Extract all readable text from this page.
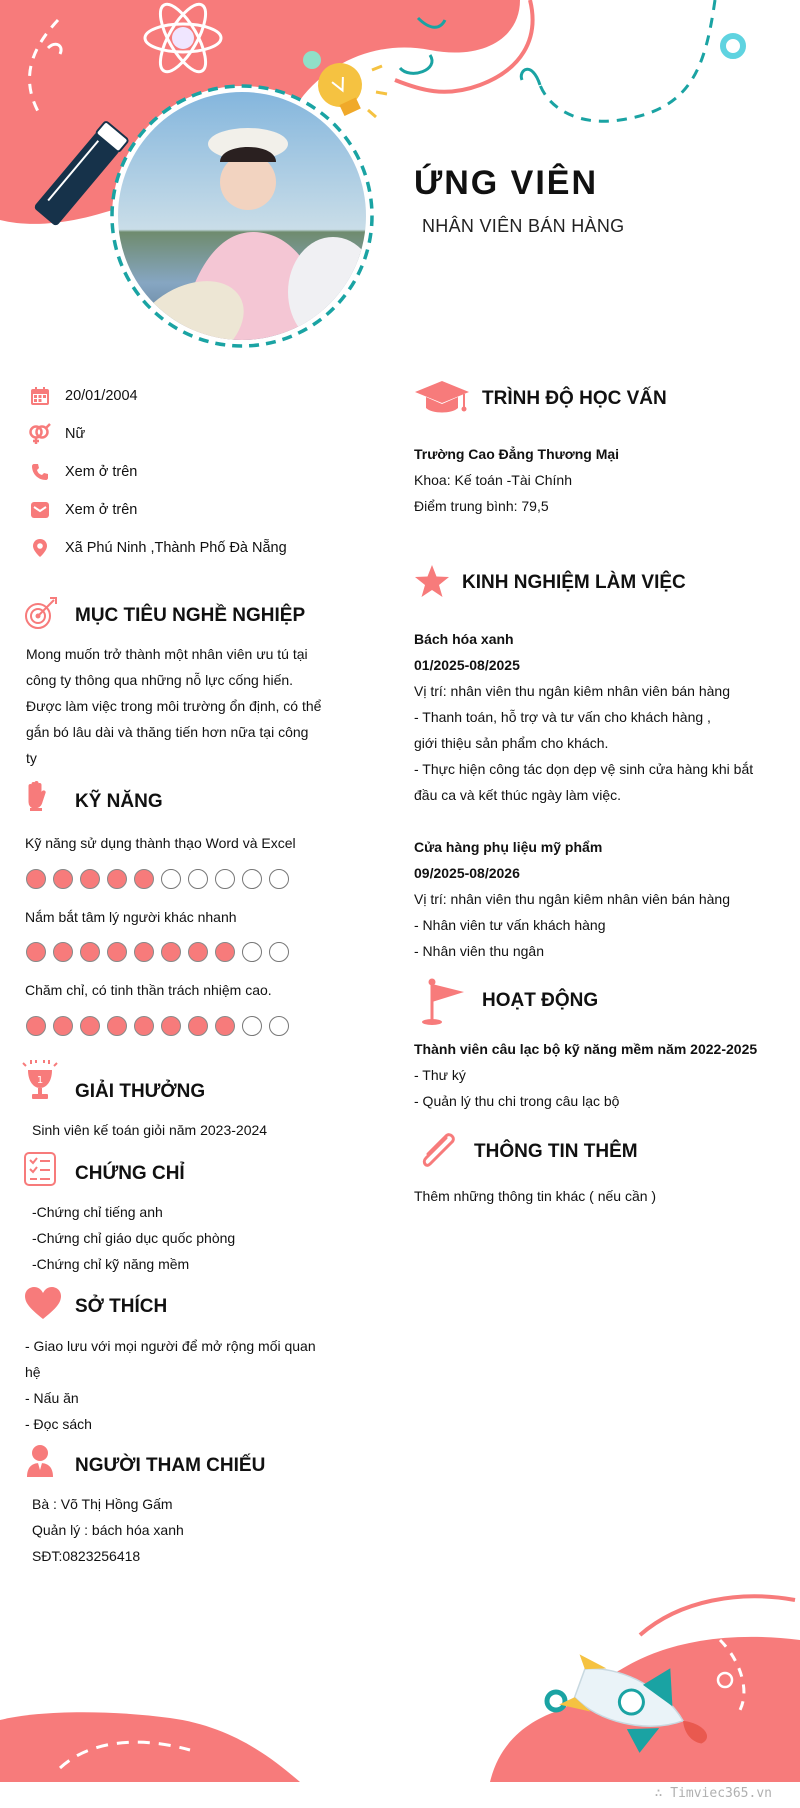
ỨNG VIÊN
NHÂN VIÊN BÁN HÀNG
20/01/2004
Nữ
Xem ở trên
Xem ở trên
Xã Phú Ninh ,Thành Phố Đà Nẵng
MỤC TIÊU NGHỀ NGHIỆP
Mong muốn trở thành một nhân viên ưu tú tại
công ty thông qua những nỗ lực cống hiến.
Được làm việc trong môi trường ổn định, có thể
gắn bó lâu dài và thăng tiến hơn nữa tại công
ty
KỸ NĂNG
Kỹ năng sử dụng thành thạo Word và Excel
Nắm bắt tâm lý người khác nhanh
Chăm chỉ, có tinh thần trách nhiệm cao.
1
GIẢI THƯỞNG
Sinh viên kế toán giỏi năm 2023-2024
CHỨNG CHỈ
-Chứng chỉ tiếng anh
-Chứng chỉ giáo dục quốc phòng
-Chứng chỉ kỹ năng mềm
SỞ THÍCH
- Giao lưu với mọi người để mở rộng mối quan
hệ
- Nấu ăn
- Đọc sách
NGƯỜI THAM CHIẾU
Bà : Võ Thị Hồng Gấm
Quản lý : bách hóa xanh
SĐT:0823256418
TRÌNH ĐỘ HỌC VẤN
Trường Cao Đẳng Thương Mại
Khoa: Kế toán -Tài Chính
Điểm trung bình: 79,5
KINH NGHIỆM LÀM VIỆC
Bách hóa xanh
01/2025-08/2025
Vị trí: nhân viên thu ngân kiêm nhân viên bán hàng
- Thanh toán, hỗ trợ và tư vấn cho khách hàng ,
giới thiệu sản phẩm cho khách.
- Thực hiện công tác dọn dẹp vệ sinh cửa hàng khi bắt
đầu ca và kết thúc ngày làm việc.
Cửa hàng phụ liệu mỹ phẩm
09/2025-08/2026
Vị trí: nhân viên thu ngân kiêm nhân viên bán hàng
- Nhân viên tư vấn khách hàng
- Nhân viên thu ngân
HOẠT ĐỘNG
Thành viên câu lạc bộ kỹ năng mềm năm 2022-2025
- Thư ký
- Quản lý thu chi trong câu lạc bộ
THÔNG TIN THÊM
Thêm những thông tin khác ( nếu cần )
∴ Timviec365.vn
